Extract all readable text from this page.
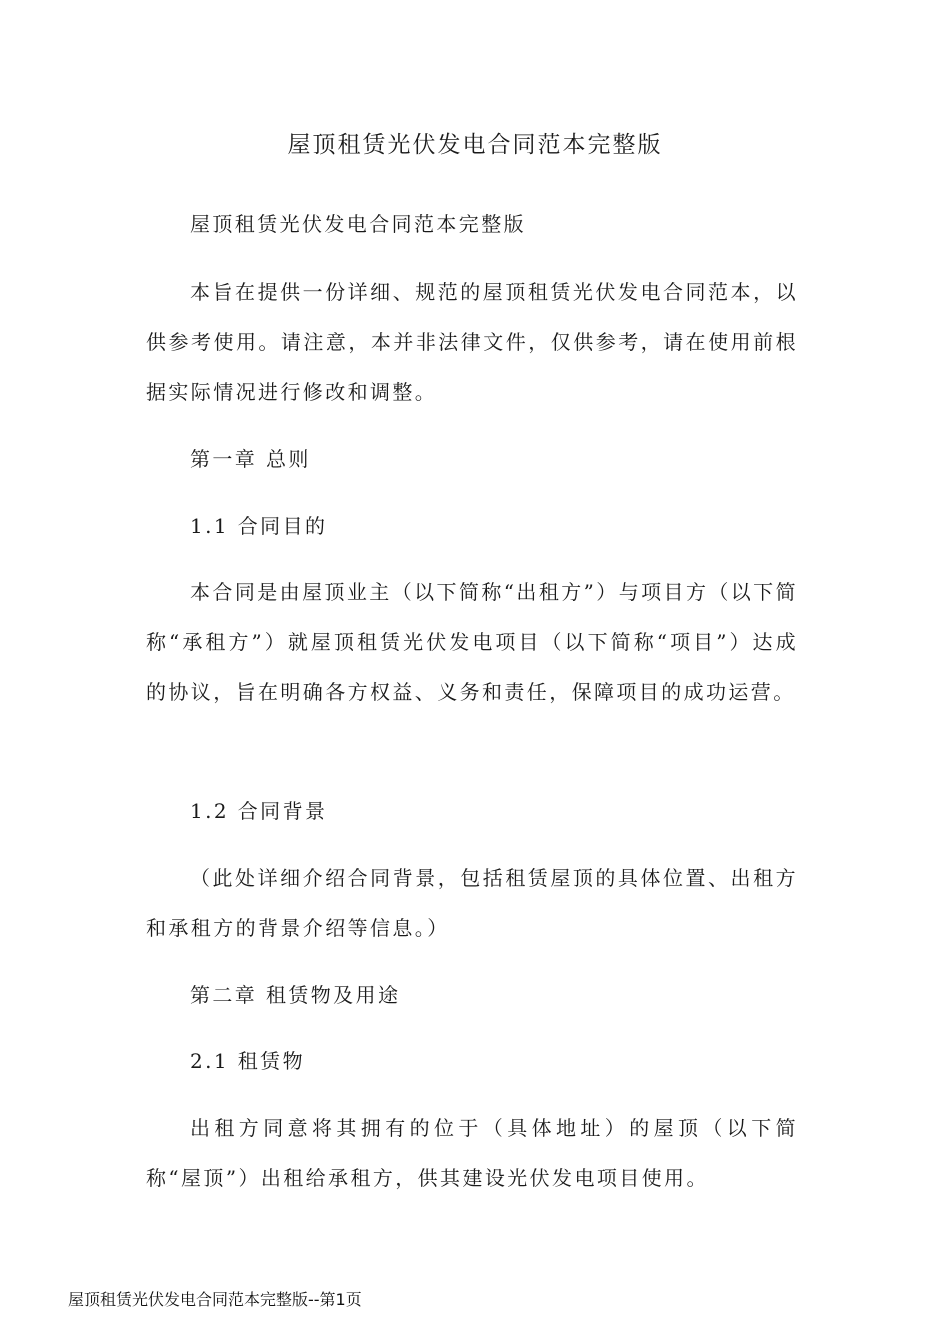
屋顶租赁光伏发电合同范本完整版
屋顶租赁光伏发电合同范本完整版
本旨在提供一份详细、规范的屋顶租赁光伏发电合同范本，以供参考使用。请注意，本并非法律文件，仅供参考，请在使用前根据实际情况进行修改和调整。
第一章 总则
1.1 合同目的
本合同是由屋顶业主（以下简称“出租方”）与项目方（以下简称“承租方”）就屋顶租赁光伏发电项目（以下简称“项目”）达成的协议，旨在明确各方权益、义务和责任，保障项目的成功运营。
1.2 合同背景
（此处详细介绍合同背景，包括租赁屋顶的具体位置、出租方和承租方的背景介绍等信息。）
第二章 租赁物及用途
2.1 租赁物
出租方同意将其拥有的位于（具体地址）的屋顶（以下简称“屋顶”）出租给承租方，供其建设光伏发电项目使用。
屋顶租赁光伏发电合同范本完整版--第1页
